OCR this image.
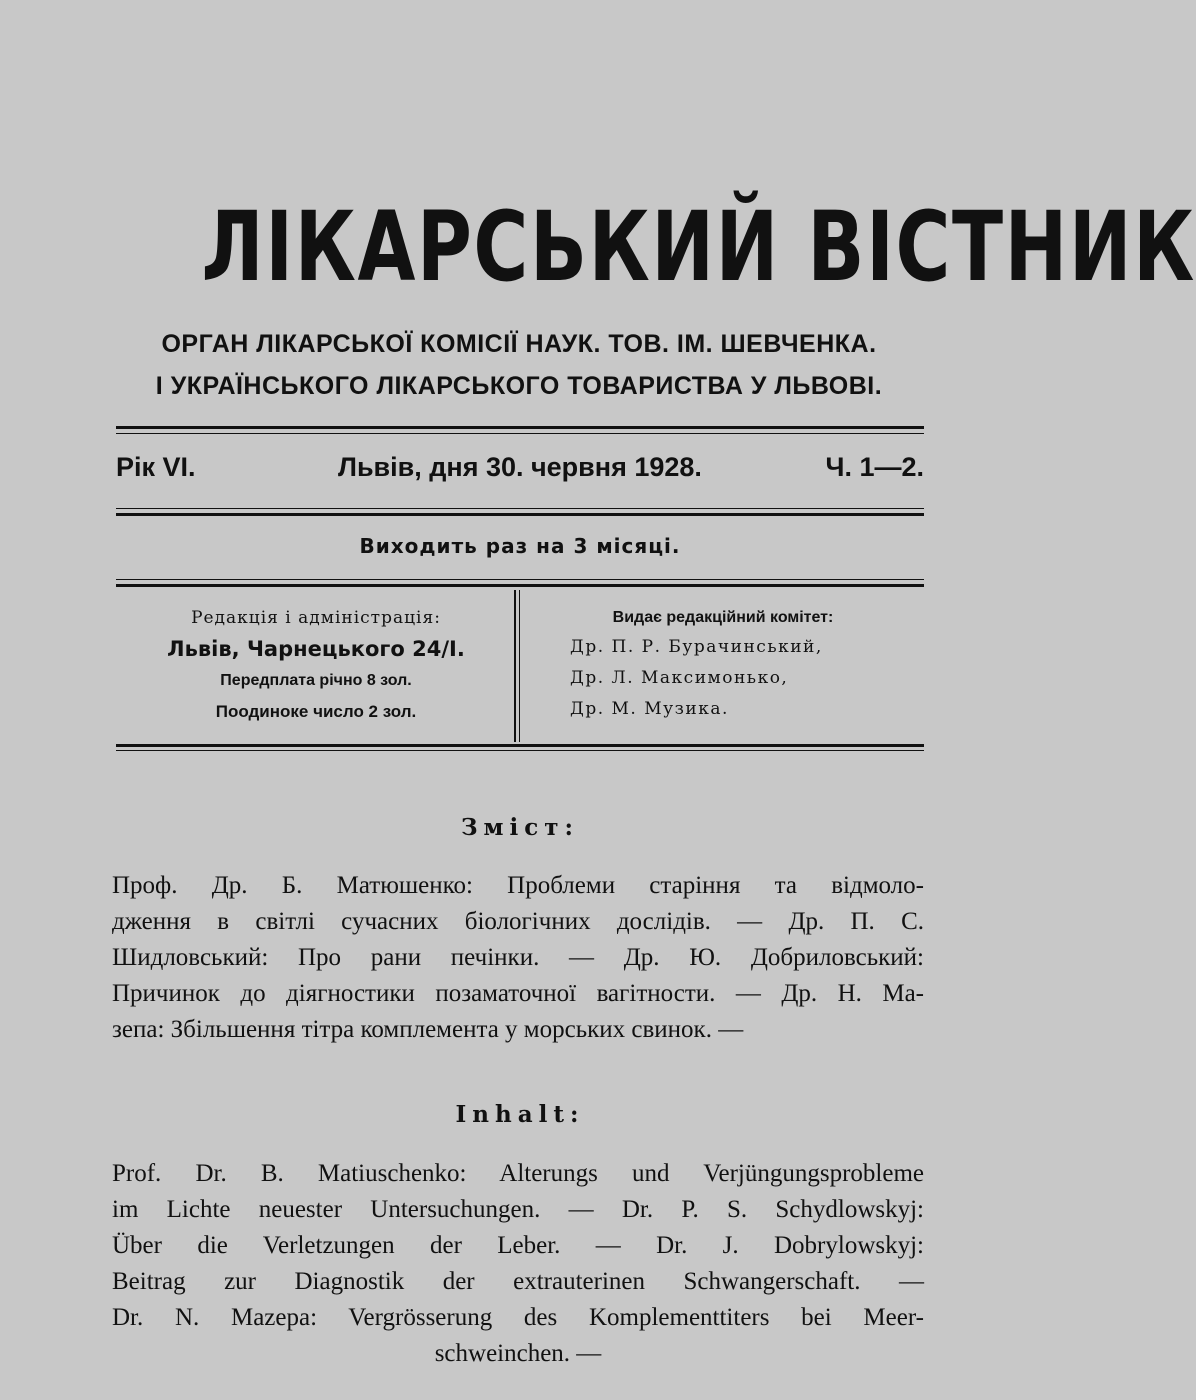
ЛІКАРСЬКИЙ ВІСТНИК
ОРГАН ЛІКАРСЬКОЇ КОМІСІЇ НАУК. ТОВ. ІМ. ШЕВЧЕНКА.
І УКРАЇНСЬКОГО ЛІКАРСЬКОГО ТОВАРИСТВА У ЛЬВОВІ.
Рік VI.	Львів, дня 30. червня 1928.	Ч. 1—2.
Виходить раз на 3 місяці.
Редакція і адміністрація:
Львів, Чарнецького 24/І.
Передплата річно 8 зол.
Поодиноке число 2 зол.
Видає редакційний комітет:
Др. П. Р. Бурачинський,
Др. Л. Максимонько,
Др. М. Музика.
Зміст:
Проф. Др. Б. Матюшенко: Проблеми старіння та відмоло-
дження в світлі сучасних біологічних дослідів. — Др. П. С.
Шидловський: Про рани печінки. — Др. Ю. Добриловський:
Причинок до діягностики позаматочної вагітности. — Др. Н. Ма-
зепа: Збільшення тітра комплемента у морських свинок. —
Inhalt:
Prof. Dr. B. Matiuschenko: Alterungs und Verjüngungsprobleme
im Lichte neuester Untersuchungen. — Dr. P. S. Schydlowskyj:
Über die Verletzungen der Leber. — Dr. J. Dobrylowskyj:
Beitrag zur Diagnostik der extrauterinen Schwangerschaft. —
Dr. N. Mazepa: Vergrösserung des Komplementtiters bei Meer-
schweinchen. —
